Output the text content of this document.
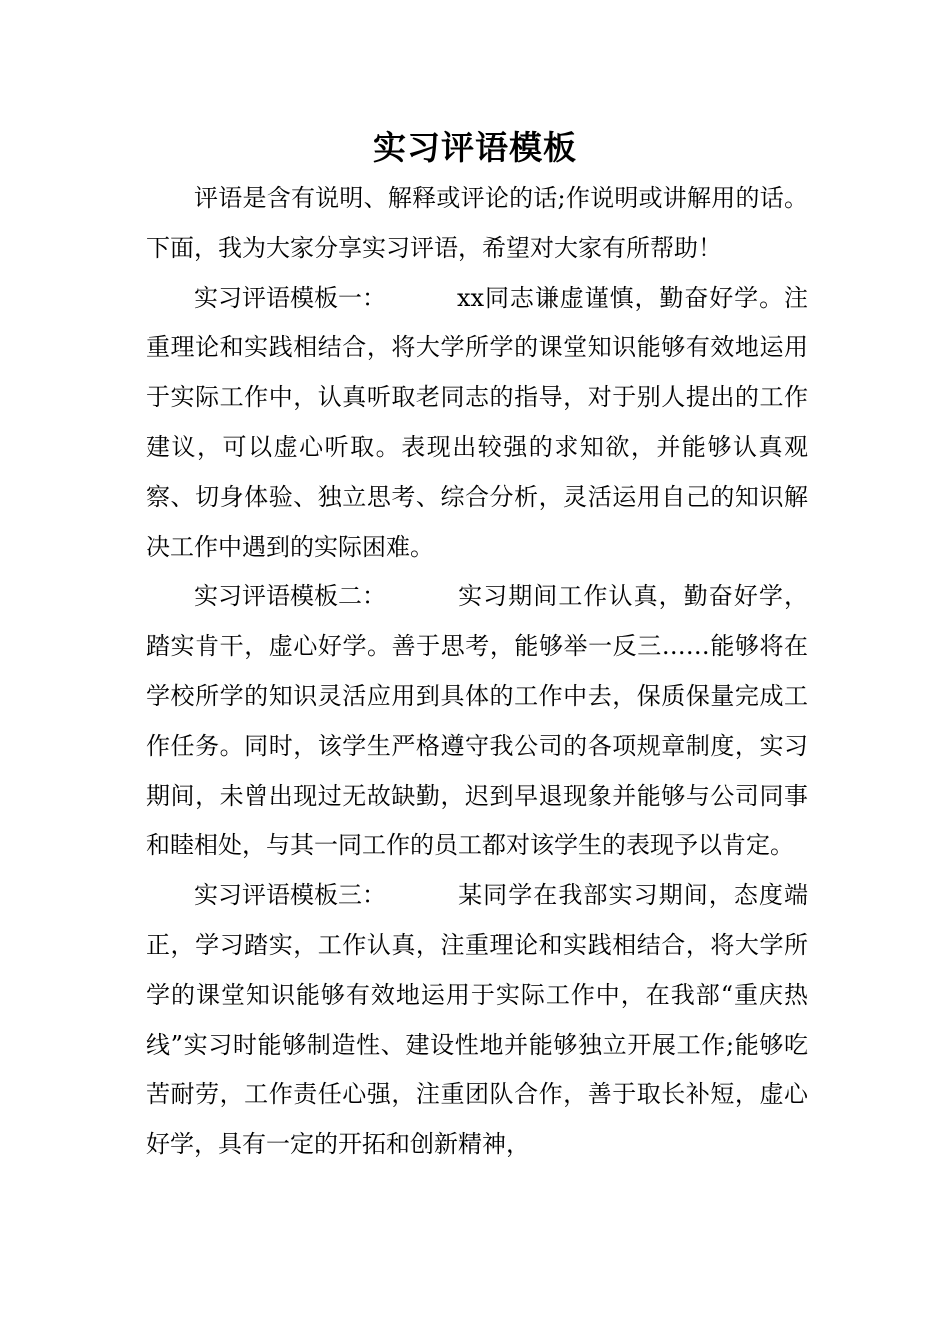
实习评语模板

评语是含有说明、解释或评论的话;作说明或讲解用的话。下面，我为大家分享实习评语，希望对大家有所帮助！

实习评语模板一：	xx同志谦虚谨慎，勤奋好学。注重理论和实践相结合，将大学所学的课堂知识能够有效地运用于实际工作中，认真听取老同志的指导，对于别人提出的工作建议，可以虚心听取。表现出较强的求知欲，并能够认真观察、切身体验、独立思考、综合分析，灵活运用自己的知识解决工作中遇到的实际困难。

实习评语模板二：	实习期间工作认真，勤奋好学，踏实肯干，虚心好学。善于思考，能够举一反三……能够将在学校所学的知识灵活应用到具体的工作中去，保质保量完成工作任务。同时，该学生严格遵守我公司的各项规章制度，实习期间，未曾出现过无故缺勤，迟到早退现象并能够与公司同事和睦相处，与其一同工作的员工都对该学生的表现予以肯定。

实习评语模板三：	某同学在我部实习期间，态度端正，学习踏实，工作认真，注重理论和实践相结合，将大学所学的课堂知识能够有效地运用于实际工作中，在我部“重庆热线”实习时能够制造性、建设性地并能够独立开展工作;能够吃苦耐劳，工作责任心强，注重团队合作，善于取长补短，虚心好学，具有一定的开拓和创新精神，
